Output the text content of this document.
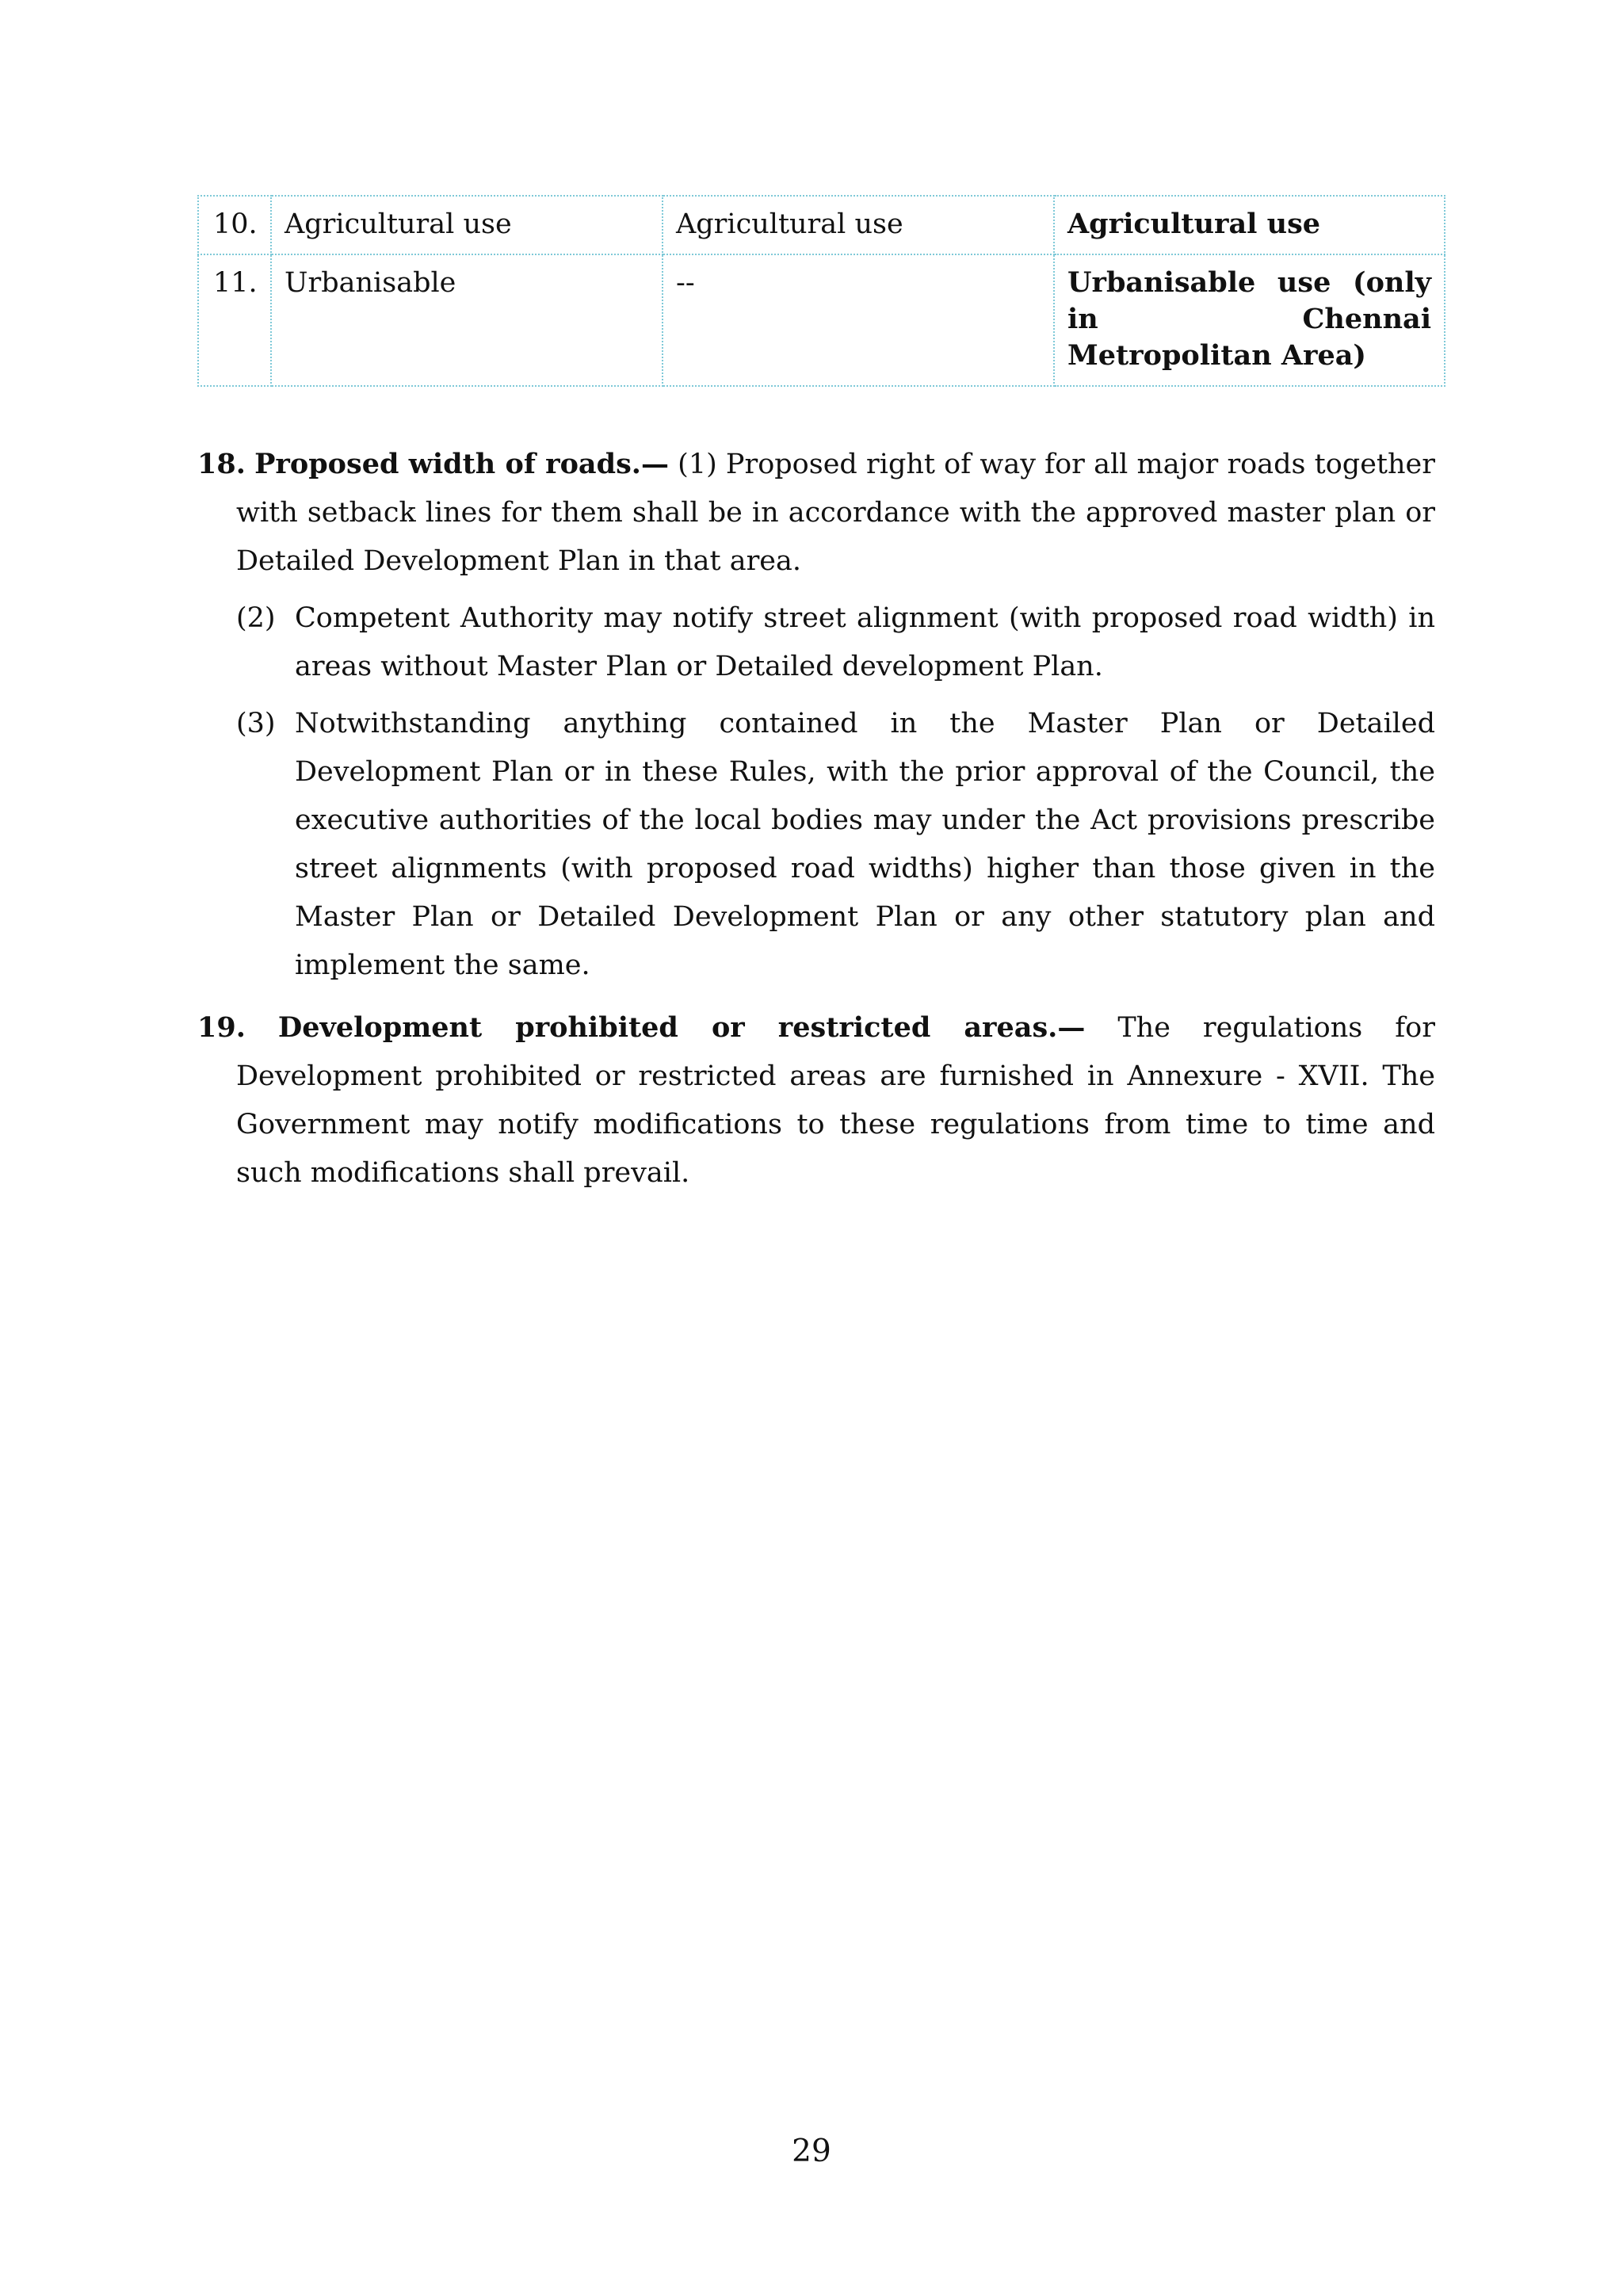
10.	Agricultural use	Agricultural use	Agricultural use
11.	Urbanisable	--	Urbanisable use (only in Chennai Metropolitan Area)

18. Proposed width of roads.— (1) Proposed right of way for all major roads together with setback lines for them shall be in accordance with the approved master plan or Detailed Development Plan in that area.

(2) Competent Authority may notify street alignment (with proposed road width) in areas without Master Plan or Detailed development Plan.
(3) Notwithstanding anything contained in the Master Plan or Detailed Development Plan or in these Rules, with the prior approval of the Council, the executive authorities of the local bodies may under the Act provisions prescribe street alignments (with proposed road widths) higher than those given in the Master Plan or Detailed Development Plan or any other statutory plan and implement the same.

19. Development prohibited or restricted areas.— The regulations for Development prohibited or restricted areas are furnished in Annexure - XVII. The Government may notify modifications to these regulations from time to time and such modifications shall prevail.

29
